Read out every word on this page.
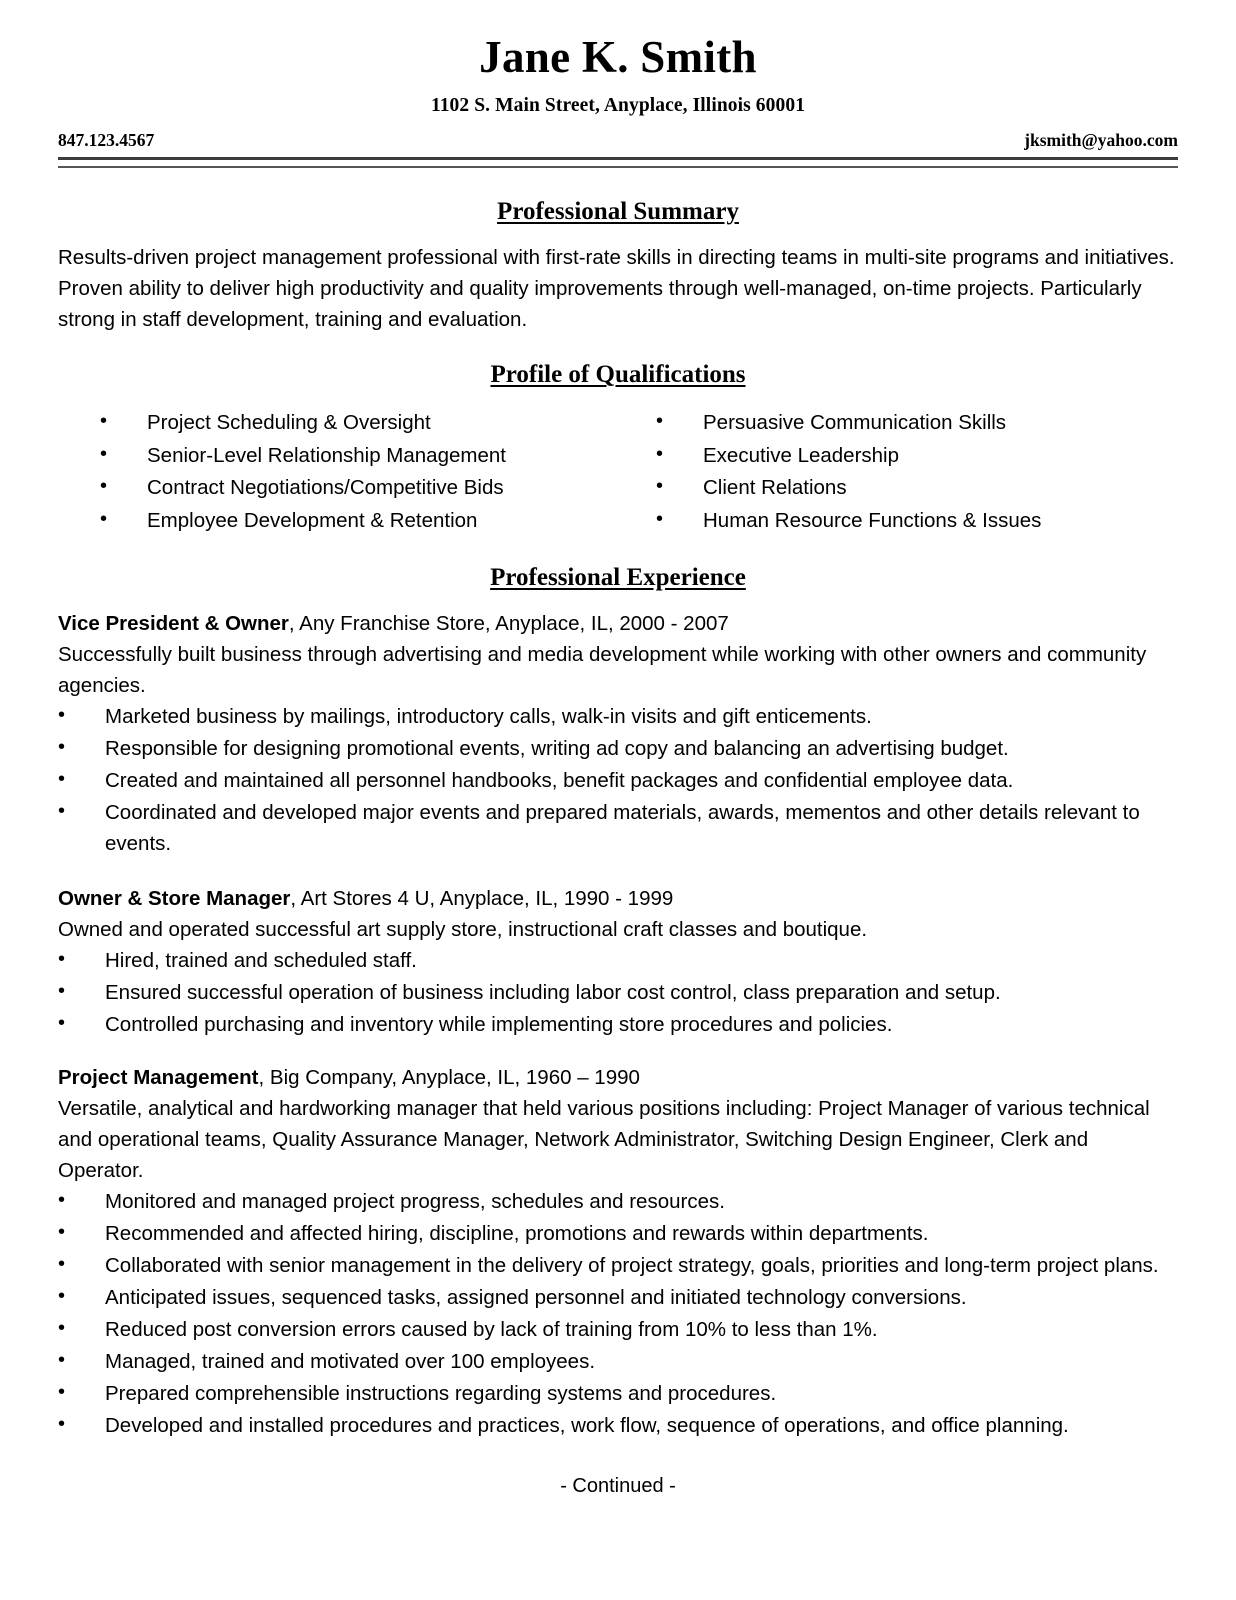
Jane K. Smith
1102 S. Main Street, Anyplace, Illinois 60001
847.123.4567	jksmith@yahoo.com
Professional Summary

Results-driven project management professional with first-rate skills in directing teams in multi-site programs and initiatives. Proven ability to deliver high productivity and quality improvements through well-managed, on-time projects. Particularly strong in staff development, training and evaluation.

Profile of Qualifications
• Project Scheduling & Oversight
• Senior-Level Relationship Management
• Contract Negotiations/Competitive Bids
• Employee Development & Retention
• Persuasive Communication Skills
• Executive Leadership
• Client Relations
• Human Resource Functions & Issues
Professional Experience

Vice President & Owner, Any Franchise Store, Anyplace, IL, 2000 - 2007

Successfully built business through advertising and media development while working with other owners and community agencies.

• Marketed business by mailings, introductory calls, walk-in visits and gift enticements.
• Responsible for designing promotional events, writing ad copy and balancing an advertising budget.
• Created and maintained all personnel handbooks, benefit packages and confidential employee data.
• Coordinated and developed major events and prepared materials, awards, mementos and other details relevant to events.

Owner & Store Manager, Art Stores 4 U, Anyplace, IL, 1990 - 1999

Owned and operated successful art supply store, instructional craft classes and boutique.

• Hired, trained and scheduled staff.
• Ensured successful operation of business including labor cost control, class preparation and setup.
• Controlled purchasing and inventory while implementing store procedures and policies.

Project Management, Big Company, Anyplace, IL, 1960 – 1990

Versatile, analytical and hardworking manager that held various positions including: Project Manager of various technical and operational teams, Quality Assurance Manager, Network Administrator, Switching Design Engineer, Clerk and Operator.

• Monitored and managed project progress, schedules and resources.
• Recommended and affected hiring, discipline, promotions and rewards within departments.
• Collaborated with senior management in the delivery of project strategy, goals, priorities and long-term project plans.
• Anticipated issues, sequenced tasks, assigned personnel and initiated technology conversions.
• Reduced post conversion errors caused by lack of training from 10% to less than 1%.
• Managed, trained and motivated over 100 employees.
• Prepared comprehensible instructions regarding systems and procedures.
• Developed and installed procedures and practices, work flow, sequence of operations, and office planning.
- Continued -
